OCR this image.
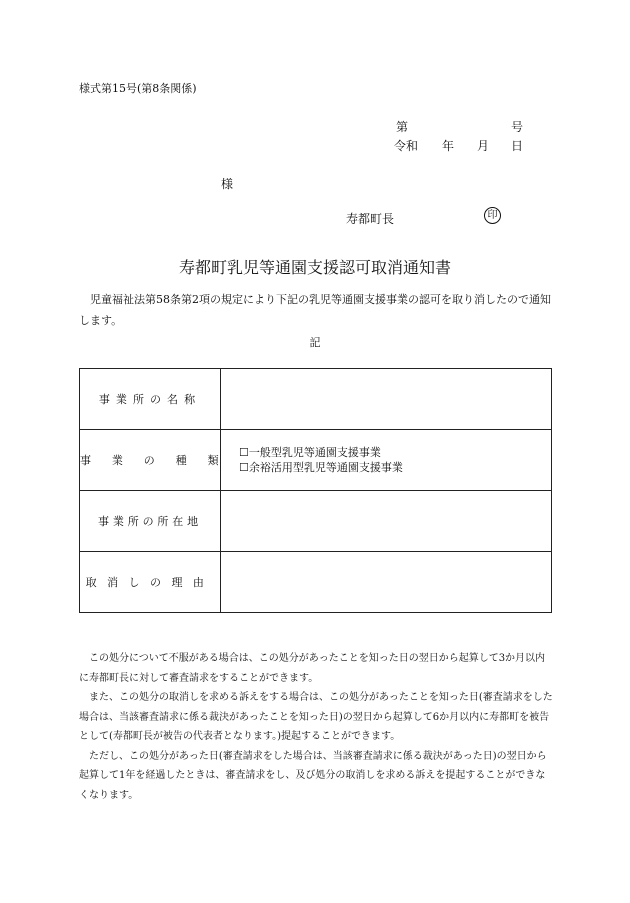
様式第15号(第8条関係)
第	号
令和 年 月 日
様
寿都町長	印
寿都町乳児等通園支援認可取消通知書

児童福祉法第58条第2項の規定により下記の乳児等通園支援事業の認可を取り消したので通知します。

記
事業所の名称	
事業の種類	☐一般型乳児等通園支援事業
☐余裕活用型乳児等通園支援事業

事業所の所在地	
取消しの理由	

この処分について不服がある場合は、この処分があったことを知った日の翌日から起算して3か月以内に寿都町長に対して審査請求をすることができます。

また、この処分の取消しを求める訴えをする場合は、この処分があったことを知った日(審査請求をした場合は、当該審査請求に係る裁決があったことを知った日)の翌日から起算して6か月以内に寿都町を被告として(寿都町長が被告の代表者となります。)提起することができます。

ただし、この処分があった日(審査請求をした場合は、当該審査請求に係る裁決があった日)の翌日から起算して1年を経過したときは、審査請求をし、及び処分の取消しを求める訴えを提起することができなくなります。
